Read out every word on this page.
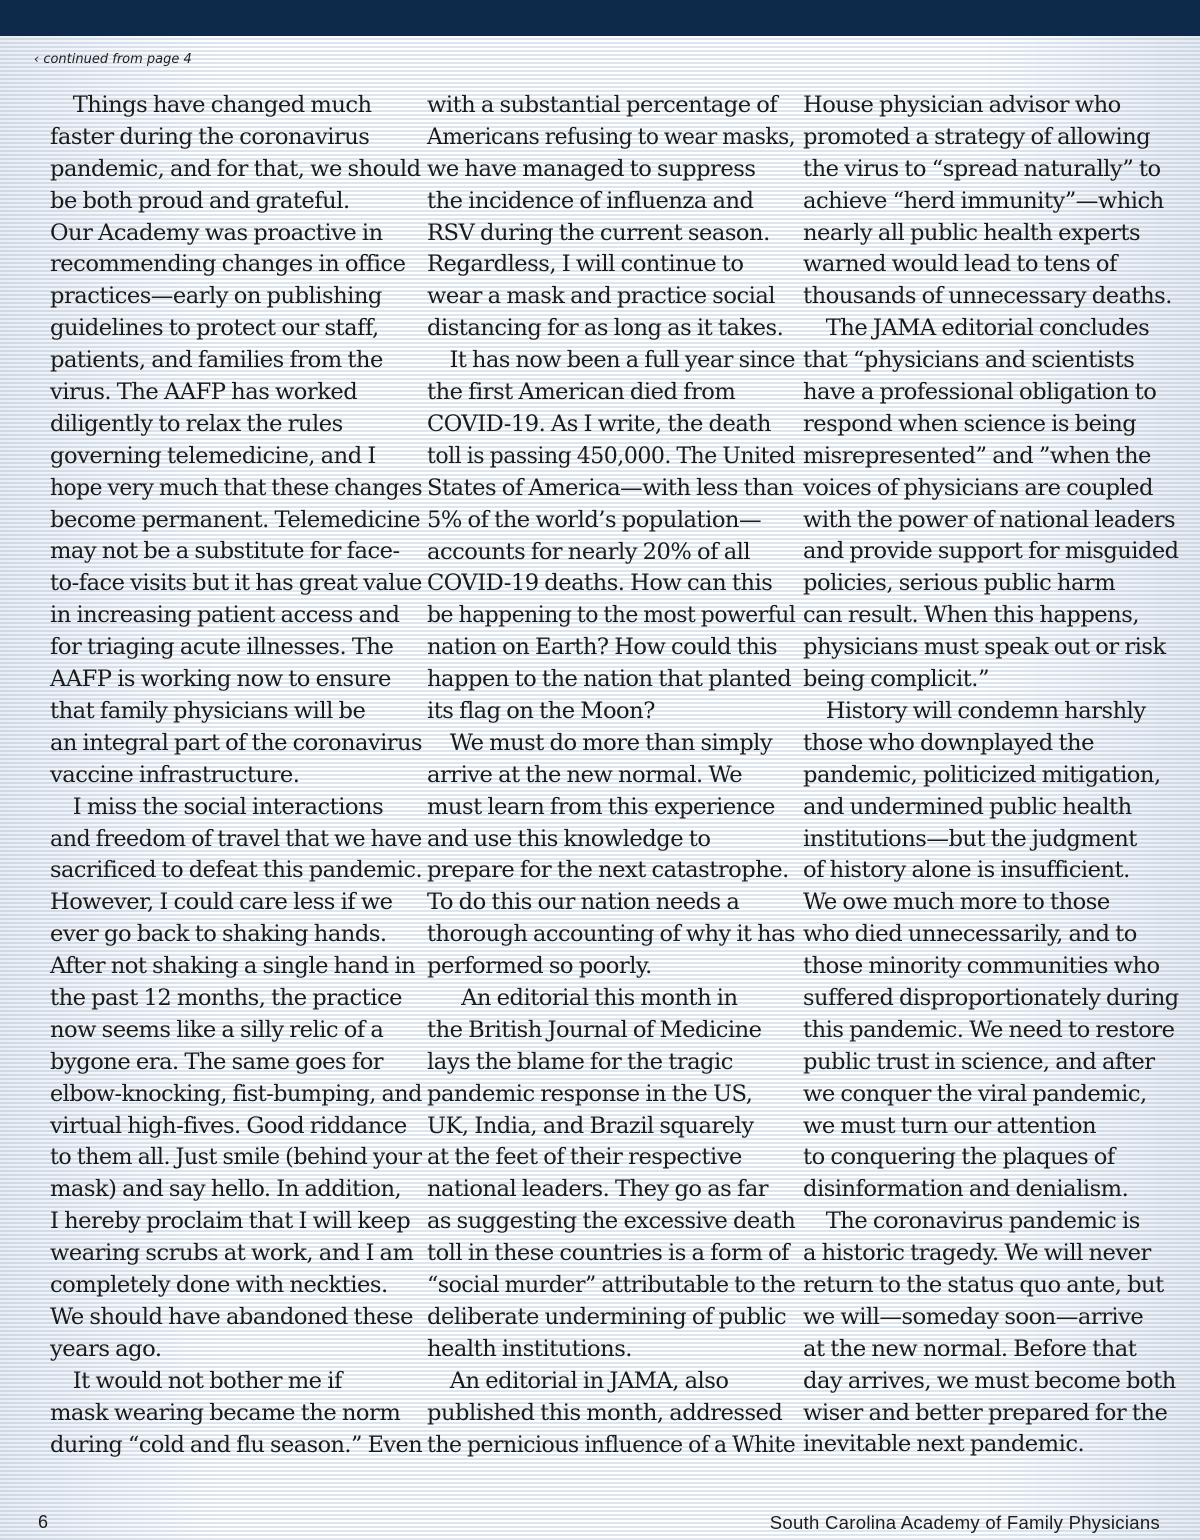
‹ continued from page 4
Things have changed much
faster during the coronavirus
pandemic, and for that, we should
be both proud and grateful.
Our Academy was proactive in
recommending changes in office
practices—early on publishing
guidelines to protect our staff,
patients, and families from the
virus. The AAFP has worked
diligently to relax the rules
governing telemedicine, and I
hope very much that these changes
become permanent. Telemedicine
may not be a substitute for face-
to-face visits but it has great value
in increasing patient access and
for triaging acute illnesses. The
AAFP is working now to ensure
that family physicians will be
an integral part of the coronavirus
vaccine infrastructure.
I miss the social interactions
and freedom of travel that we havesacrificed to defeat this pandemic.
However, I could care less if we
ever go back to shaking hands.
After not shaking a single hand in
the past 12 months, the practice
now seems like a silly relic of a
bygone era. The same goes for
elbow-knocking, fist-bumping, and
virtual high-fives. Good riddance
to them all. Just smile (behind your
mask) and say hello. In addition,
I hereby proclaim that I will keep
wearing scrubs at work, and I am
completely done with neckties.
We should have abandoned these
years ago.
It would not bother me if
mask wearing became the norm
during “cold and flu season.” Even
with a substantial percentage of
Americans refusing to wear masks,
we have managed to suppress
the incidence of influenza and
RSV during the current season.
Regardless, I will continue to
wear a mask and practice social
distancing for as long as it takes.
It has now been a full year since
the first American died from
COVID-19. As I write, the death
toll is passing 450,000. The United
States of America—with less than
5% of the world’s population—
accounts for nearly 20% of all
COVID-19 deaths. How can this
be happening to the most powerful
nation on Earth? How could this
happen to the nation that planted
its flag on the Moon?
We must do more than simply
arrive at the new normal. We
must learn from this experience
and use this knowledge to
prepare for the next catastrophe.
To do this our nation needs a
thorough accounting of why it has
performed so poorly.
An editorial this month in
the British Journal of Medicine
lays the blame for the tragic
pandemic response in the US,
UK, India, and Brazil squarely
at the feet of their respective
national leaders. They go as far
as suggesting the excessive death
toll in these countries is a form of
“social murder” attributable to the
deliberate undermining of public
health institutions.
An editorial in JAMA, also
published this month, addressed
the pernicious influence of a White
House physician advisor who
promoted a strategy of allowing
the virus to “spread naturally” to
achieve “herd immunity”—which
nearly all public health experts
warned would lead to tens of
thousands of unnecessary deaths.
The JAMA editorial concludes
that “physicians and scientists
have a professional obligation to
respond when science is being
misrepresented” and ”when the
voices of physicians are coupled
with the power of national leaders
and provide support for misguided
policies, serious public harm
can result. When this happens,
physicians must speak out or risk
being complicit.”
History will condemn harshly
those who downplayed the
pandemic, politicized mitigation,
and undermined public health
institutions—but the judgment
of history alone is insufficient.
We owe much more to those
who died unnecessarily, and to
those minority communities who
suffered disproportionately during
this pandemic. We need to restore
public trust in science, and after
we conquer the viral pandemic,
we must turn our attention
to conquering the plaques of
disinformation and denialism.
The coronavirus pandemic is
a historic tragedy. We will never
return to the status quo ante, but
we will—someday soon—arrive
at the new normal. Before that
day arrives, we must become both
wiser and better prepared for the
inevitable next pandemic.
6	South Carolina Academy of Family Physicians
